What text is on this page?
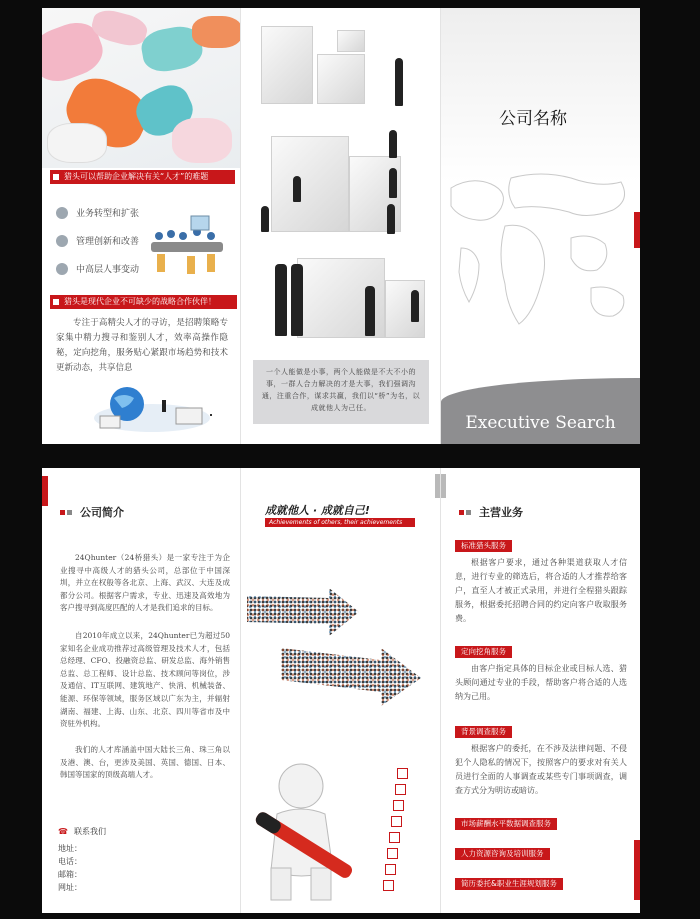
猎头可以帮助企业解决有关“人才”的难题
业务转型和扩张
管理创新和改善
中高层人事变动
猎头是现代企业不可缺少的战略合作伙伴！
专注于高精尖人才的寻访，是招聘策略专家集中精力搜寻和鉴别人才，效率高操作隐秘，定向挖角，服务贴心紧跟市场趋势和技术更新动态，共享信息	一个人能做是小事，两个人能做是不大不小的事，一群人合力解决的才是大事，我们强调沟通，注重合作，谋求共赢，我们以“桥”为名，以成就他人为己任。
公司名称
Executive Search
公司简介
24Qhunter（24桥猎头）是一家专注于为企业搜寻中高级人才的猎头公司，总部位于中国深圳，并立在权般等各北京、上海、武汉、大连及成都分公司。根据客户需求，专业、迅速及高效地为客户搜寻到高度匹配的人才是我们追求的目标。
自2010年成立以来，24Qhunter已为超过50家知名企业成功推荐过高级管理及技术人才，包括总经理、CFO、投融资总监、研发总监、海外销售总监、总工程师、设计总监、技术顾问等岗位，涉及通信、IT互联网、建筑地产、快消、机械装备、能源、环保等领域，服务区域以广东为主，并辐射湖南、福建、上海、山东、北京、四川等省市及中资驻外机构。
我们的人才库涵盖中国大陆长三角、珠三角以及港、澳、台，更涉及美国、英国、德国、日本、韩国等国家的顶级高端人才。
☎ 联系我们
地址：
电话：
邮箱：
网址：
成就他人 · 成就自己!
Achievements of others, their achievements
主营业务
标准猎头服务
根据客户要求，通过各种渠道获取人才信息，进行专业的筛选后，将合适的人才推荐给客户，直至人才被正式录用，并进行全程猎头跟踪服务，根据委托招聘合同的约定向客户收取服务费。
定向挖角服务
由客户指定具体的目标企业或目标人选、猎头顾问通过专业的手段，帮助客户将合适的人选纳为己用。
背景调查服务
根据客户的委托，在不涉及法律问题、不侵犯个人隐私的情况下，按照客户的要求对有关人员进行全面的人事调查或某些专门事项调查，调查方式分为明访或暗访。
市场薪酬水平数据调查服务
人力资源咨询及培训服务
简历委托&职业生涯规划服务
